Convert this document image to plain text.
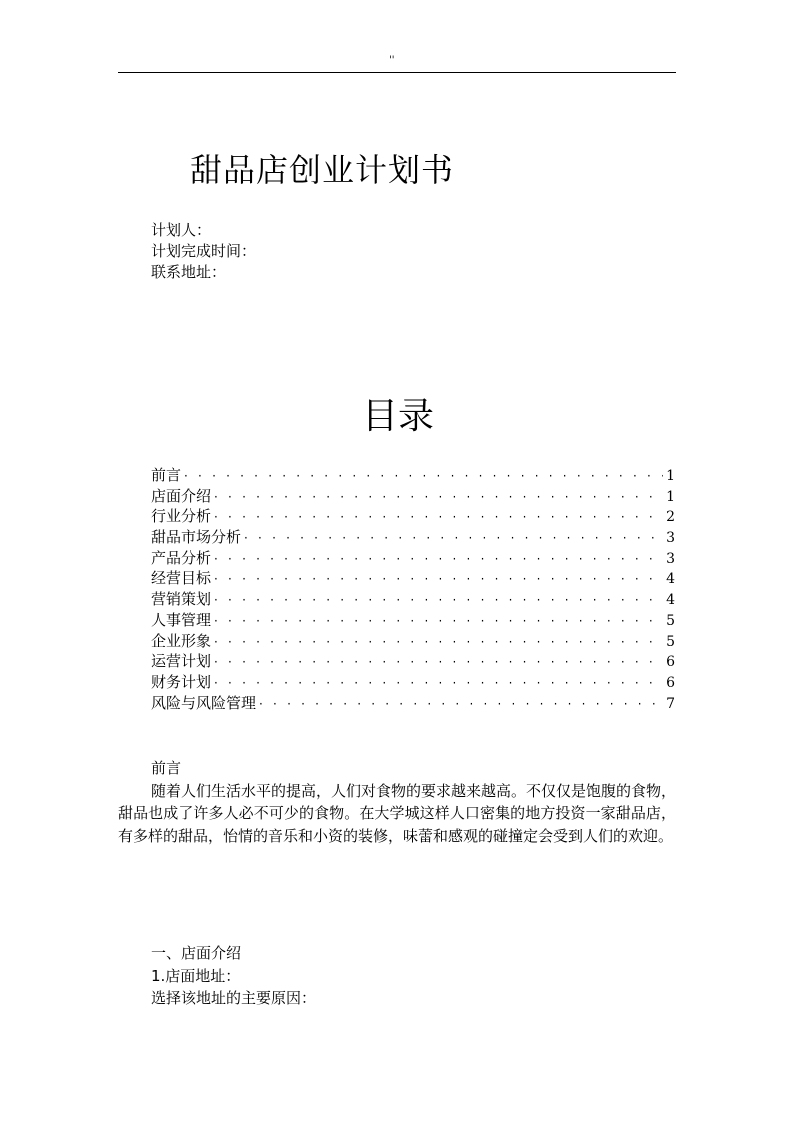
''
甜品店创业计划书
计划人：
计划完成时间：
联系地址：
目录
前言 · · ·	1
店面介绍 · · ·	1
行业分析 · · ·	2
甜品市场分析 · · ·	3
产品分析 · · ·	3
经营目标 · · ·	4
营销策划 · · ·	4
人事管理 · · ·	5
企业形象 · · ·	5
运营计划 · · ·	6
财务计划 · · ·	6
风险与风险管理 · · ·	7
前言

随着人们生活水平的提高，人们对食物的要求越来越高。不仅仅是饱腹的食物，甜品也成了许多人必不可少的食物。在大学城这样人口密集的地方投资一家甜品店，有多样的甜品，怡情的音乐和小资的装修，味蕾和感观的碰撞定会受到人们的欢迎。

一、店面介绍
1.店面地址：
选择该地址的主要原因：
